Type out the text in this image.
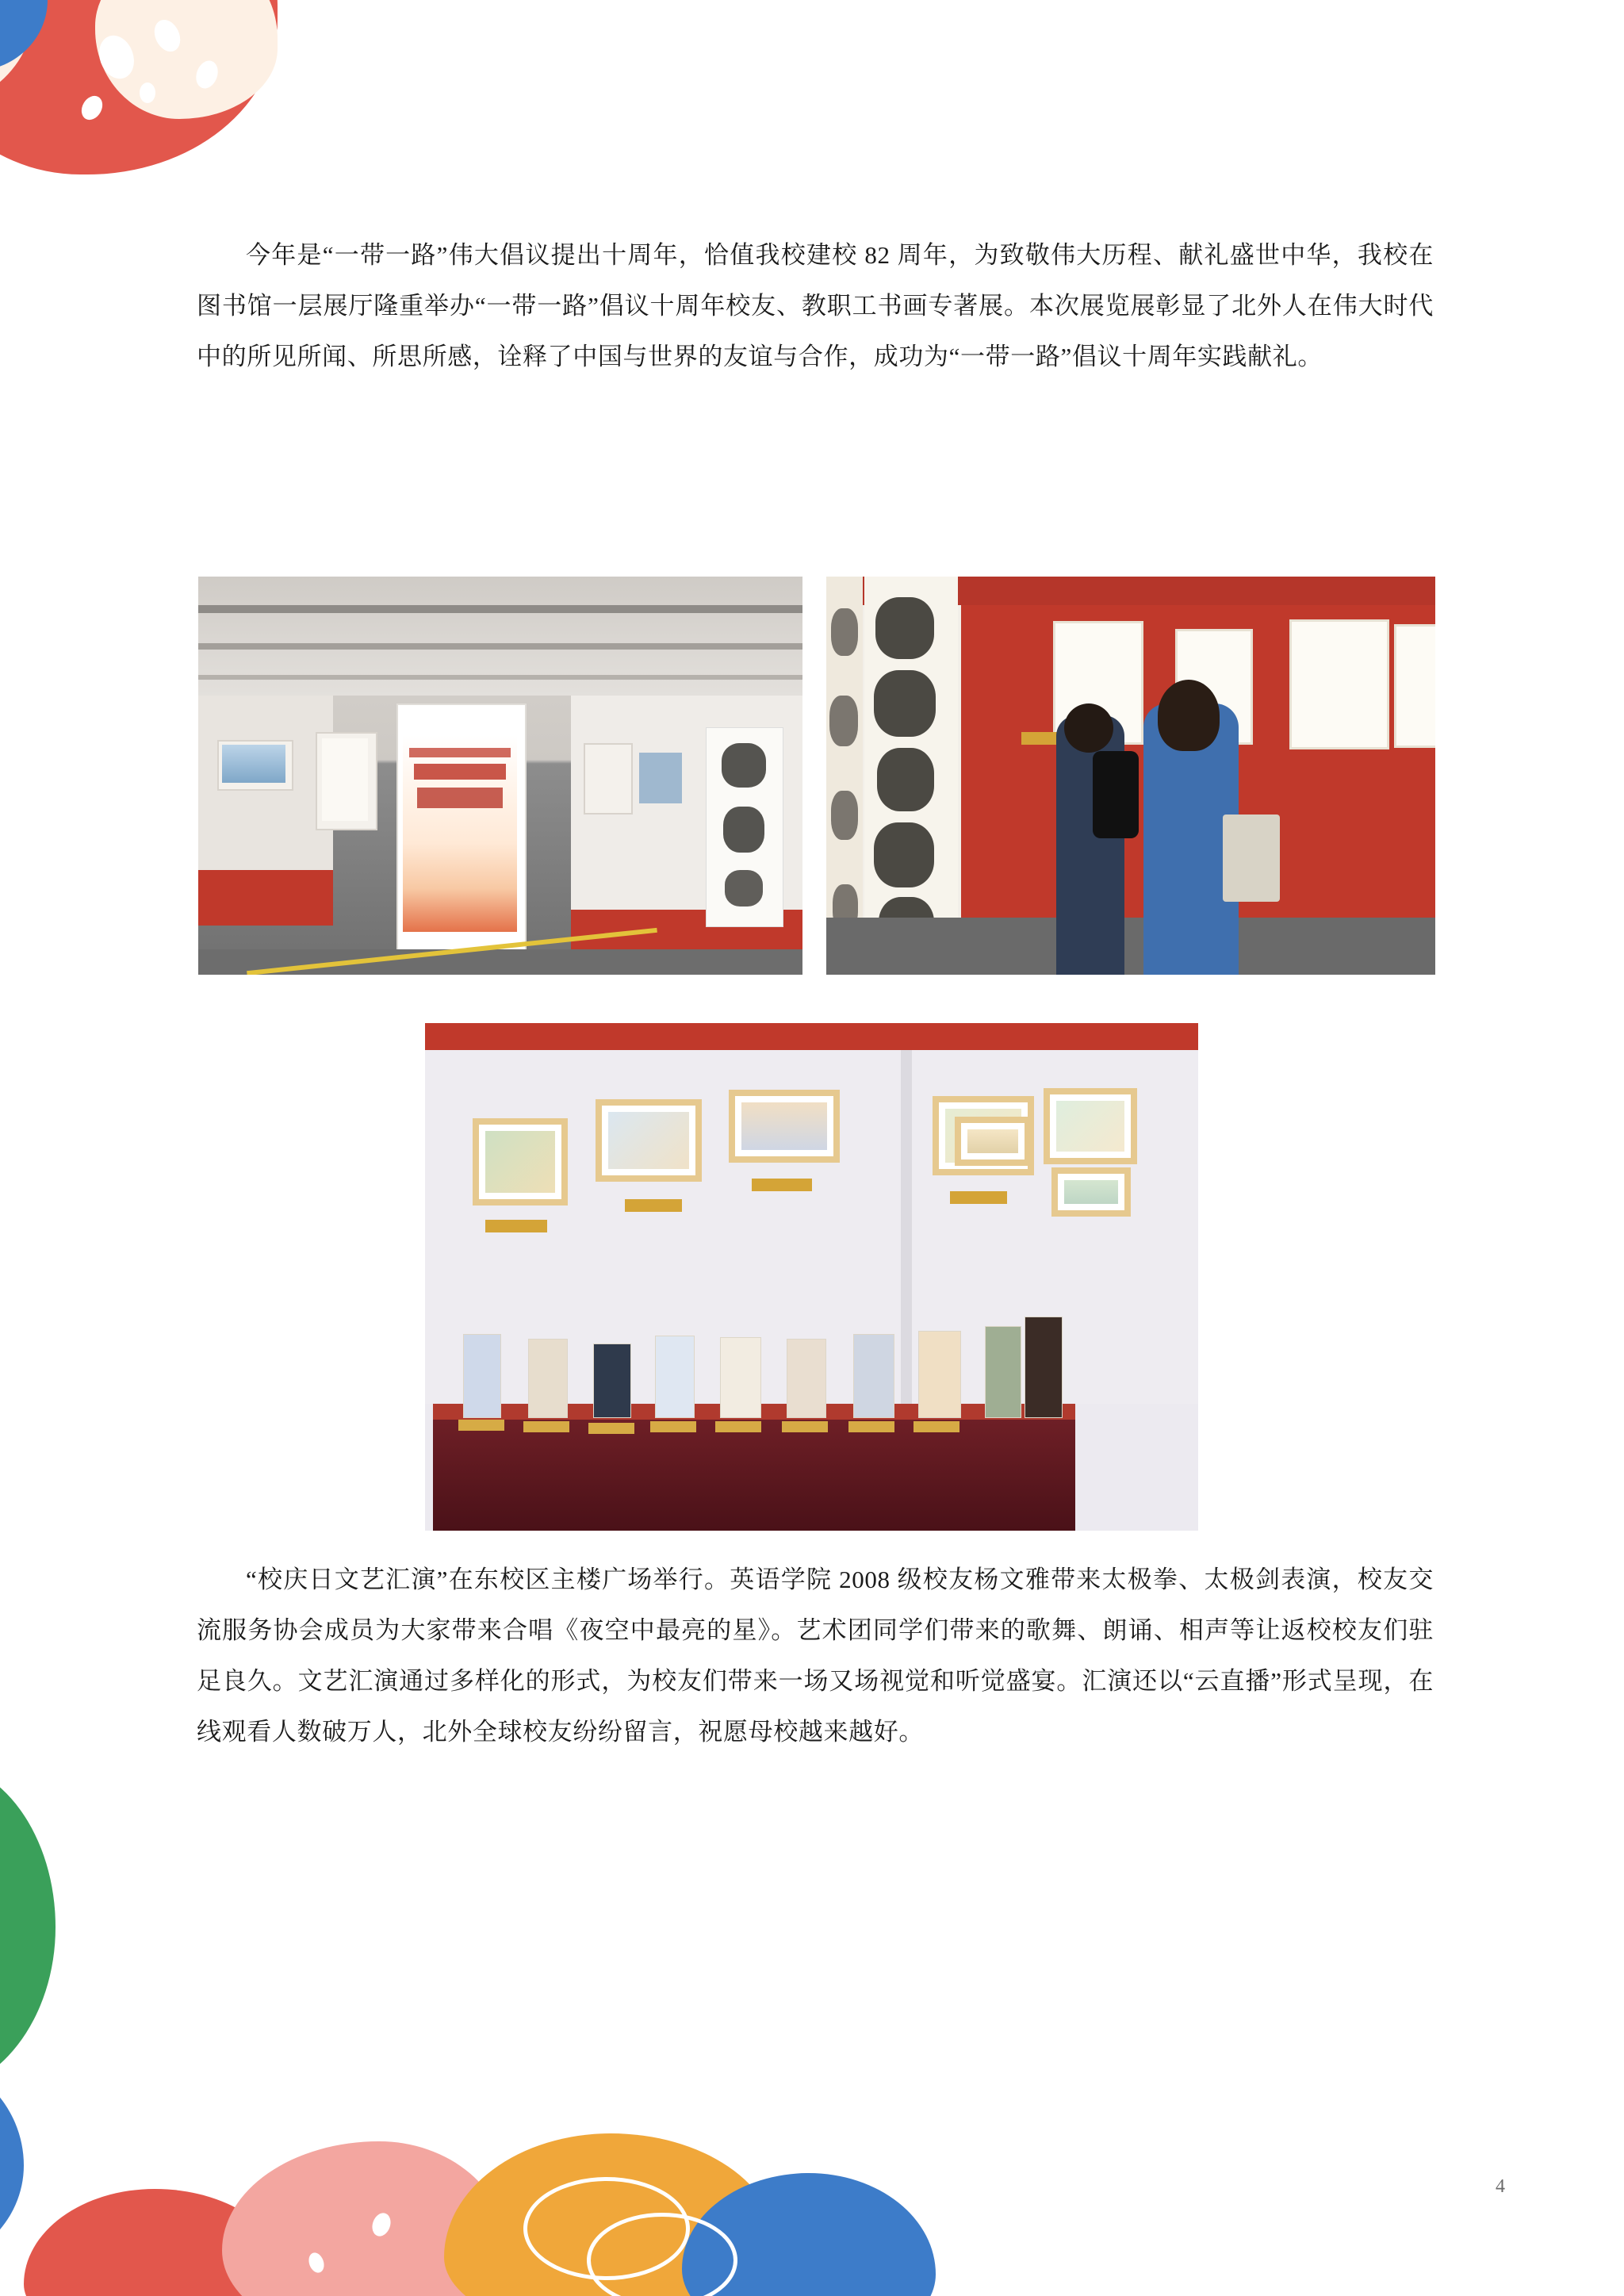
今年是“一带一路”伟大倡议提出十周年，恰值我校建校 82 周年，为致敬伟大历程、献礼盛世中华，我校在图书馆一层展厅隆重举办“一带一路”倡议十周年校友、教职工书画专著展。本次展览展彰显了北外人在伟大时代中的所见所闻、所思所感，诠释了中国与世界的友谊与合作，成功为“一带一路”倡议十周年实践献礼。

“校庆日文艺汇演”在东校区主楼广场举行。英语学院 2008 级校友杨文雅带来太极拳、太极剑表演，校友交流服务协会成员为大家带来合唱《夜空中最亮的星》。艺术团同学们带来的歌舞、朗诵、相声等让返校校友们驻足良久。文艺汇演通过多样化的形式，为校友们带来一场又场视觉和听觉盛宴。汇演还以“云直播”形式呈现，在线观看人数破万人，北外全球校友纷纷留言，祝愿母校越来越好。

4
